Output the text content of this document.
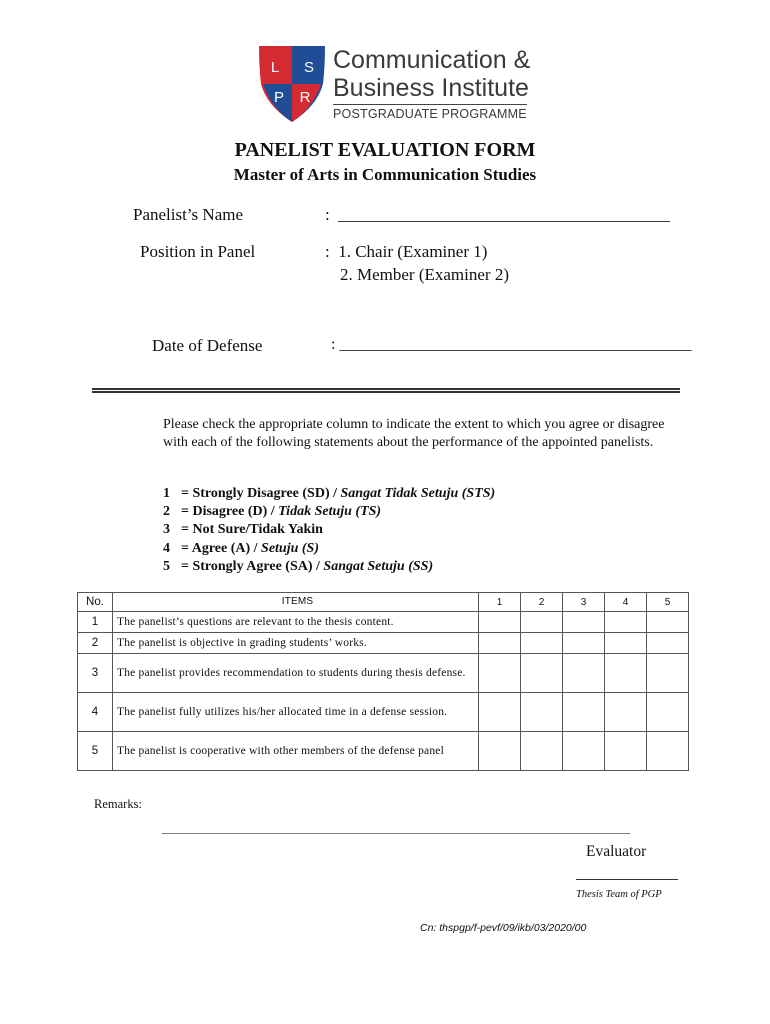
L S
P R
Communication &
Business Institute
POSTGRADUATE PROGRAMME
PANELIST EVALUATION FORM
Master of Arts in Communication Studies
Panelist’s Name	:  _______________________________________
Position in Panel	:  1. Chair (Examiner 1)
2. Member (Examiner 2)
Date of Defense	: ____________________________________________
Please check the appropriate column to indicate the extent to which you agree or disagree with each of the following statements about the performance of the appointed panelists.
1 = Strongly Disagree (SD) / Sangat Tidak Setuju (STS)
2 = Disagree (D) / Tidak Setuju (TS)
3 = Not Sure/Tidak Yakin
4 = Agree (A) / Setuju (S)
5 = Strongly Agree (SA) / Sangat Setuju (SS)
No.	ITEMS	1	2	3	4	5
1	The panelist’s questions are relevant to the thesis content.					
2	The panelist is objective in grading students’ works.					
3	The panelist provides recommendation to students during thesis defense.					
4	The panelist fully utilizes his/her allocated time in a defense session.					
5	The panelist is cooperative with other members of the defense panel					
Remarks:
______________________________________________________________________________
Evaluator
Thesis Team of PGP
Cn: thspgp/f-pevf/09/ikb/03/2020/00
